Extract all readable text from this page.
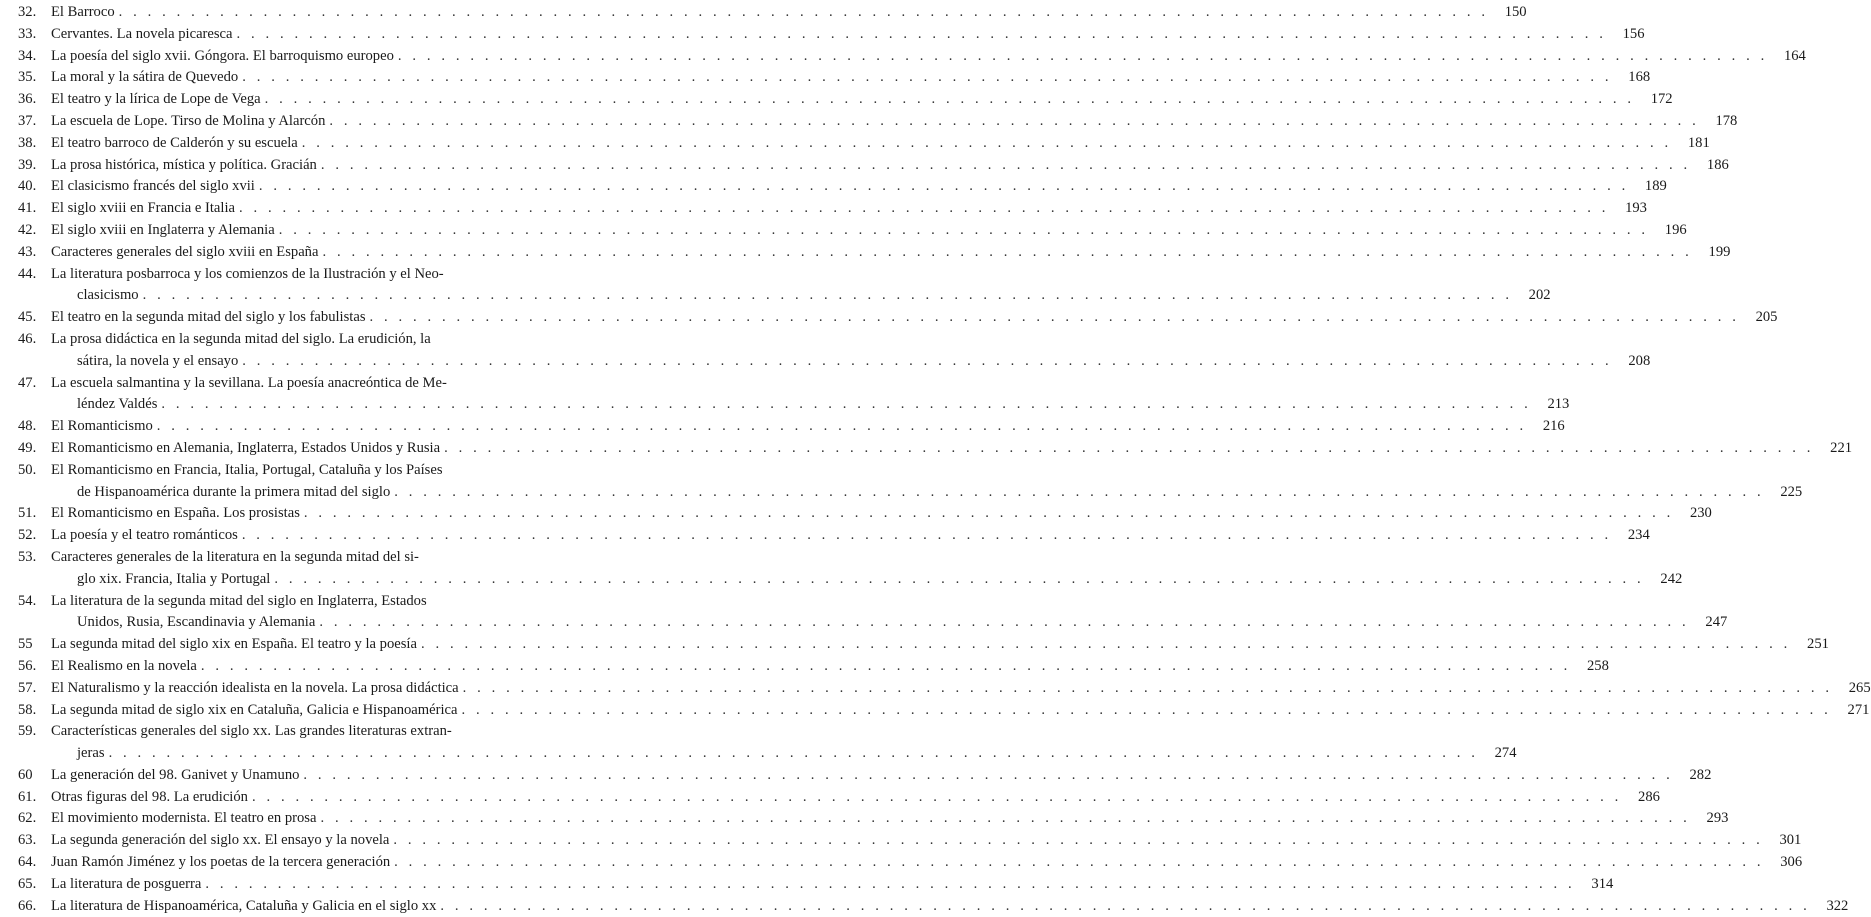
32.	El Barroco . . . . . . . . . . . . . . . . . . . . . . . . . . . . . . . . . . . . . . . . . . . . . . . . . . . . . . . . . . . . . . . . . . . . . . . . . . . . . . . . . . . . . . . . . . . . . . .	150
33.	Cervantes. La novela picaresca . . . . . . . . . . . . . . . . . . . . . . . . . . . . . . . . . . . . . . . . . . . . . . . . . . . . . . . . . . . . . . . . . . . . . . . . . . . . . . . . . . . . . . . . . . . . . . .	156
34.	La poesía del siglo xvii. Góngora. El barroquismo europeo . . . . . . . . . . . . . . . . . . . . . . . . . . . . . . . . . . . . . . . . . . . . . . . . . . . . . . . . . . . . . . . . . . . . . . . . . . . . . . . . . . . . . . . . . . . . . . .	164
35.	La moral y la sátira de Quevedo . . . . . . . . . . . . . . . . . . . . . . . . . . . . . . . . . . . . . . . . . . . . . . . . . . . . . . . . . . . . . . . . . . . . . . . . . . . . . . . . . . . . . . . . . . . . . . .	168
36.	El teatro y la lírica de Lope de Vega . . . . . . . . . . . . . . . . . . . . . . . . . . . . . . . . . . . . . . . . . . . . . . . . . . . . . . . . . . . . . . . . . . . . . . . . . . . . . . . . . . . . . . . . . . . . . . .	172
37.	La escuela de Lope. Tirso de Molina y Alarcón . . . . . . . . . . . . . . . . . . . . . . . . . . . . . . . . . . . . . . . . . . . . . . . . . . . . . . . . . . . . . . . . . . . . . . . . . . . . . . . . . . . . . . . . . . . . . . .	178
38.	El teatro barroco de Calderón y su escuela . . . . . . . . . . . . . . . . . . . . . . . . . . . . . . . . . . . . . . . . . . . . . . . . . . . . . . . . . . . . . . . . . . . . . . . . . . . . . . . . . . . . . . . . . . . . . . .	181
39.	La prosa histórica, mística y política. Gracián . . . . . . . . . . . . . . . . . . . . . . . . . . . . . . . . . . . . . . . . . . . . . . . . . . . . . . . . . . . . . . . . . . . . . . . . . . . . . . . . . . . . . . . . . . . . . . .	186
40.	El clasicismo francés del siglo xvii . . . . . . . . . . . . . . . . . . . . . . . . . . . . . . . . . . . . . . . . . . . . . . . . . . . . . . . . . . . . . . . . . . . . . . . . . . . . . . . . . . . . . . . . . . . . . . .	189
41.	El siglo xviii en Francia e Italia . . . . . . . . . . . . . . . . . . . . . . . . . . . . . . . . . . . . . . . . . . . . . . . . . . . . . . . . . . . . . . . . . . . . . . . . . . . . . . . . . . . . . . . . . . . . . . .	193
42.	El siglo xviii en Inglaterra y Alemania . . . . . . . . . . . . . . . . . . . . . . . . . . . . . . . . . . . . . . . . . . . . . . . . . . . . . . . . . . . . . . . . . . . . . . . . . . . . . . . . . . . . . . . . . . . . . . .	196
43.	Caracteres generales del siglo xviii en España . . . . . . . . . . . . . . . . . . . . . . . . . . . . . . . . . . . . . . . . . . . . . . . . . . . . . . . . . . . . . . . . . . . . . . . . . . . . . . . . . . . . . . . . . . . . . . .	199
44.	La literatura posbarroca y los comienzos de la Ilustración y el Neo-
clasicismo . . . . . . . . . . . . . . . . . . . . . . . . . . . . . . . . . . . . . . . . . . . . . . . . . . . . . . . . . . . . . . . . . . . . . . . . . . . . . . . . . . . . . . . . . . . . . . .	202
45.	El teatro en la segunda mitad del siglo y los fabulistas . . . . . . . . . . . . . . . . . . . . . . . . . . . . . . . . . . . . . . . . . . . . . . . . . . . . . . . . . . . . . . . . . . . . . . . . . . . . . . . . . . . . . . . . . . . . . . .	205
46.	La prosa didáctica en la segunda mitad del siglo. La erudición, la
sátira, la novela y el ensayo . . . . . . . . . . . . . . . . . . . . . . . . . . . . . . . . . . . . . . . . . . . . . . . . . . . . . . . . . . . . . . . . . . . . . . . . . . . . . . . . . . . . . . . . . . . . . . .	208
47.	La escuela salmantina y la sevillana. La poesía anacreóntica de Me-
léndez Valdés . . . . . . . . . . . . . . . . . . . . . . . . . . . . . . . . . . . . . . . . . . . . . . . . . . . . . . . . . . . . . . . . . . . . . . . . . . . . . . . . . . . . . . . . . . . . . . .	213
48.	El Romanticismo . . . . . . . . . . . . . . . . . . . . . . . . . . . . . . . . . . . . . . . . . . . . . . . . . . . . . . . . . . . . . . . . . . . . . . . . . . . . . . . . . . . . . . . . . . . . . . .	216
49.	El Romanticismo en Alemania, Inglaterra, Estados Unidos y Rusia . . . . . . . . . . . . . . . . . . . . . . . . . . . . . . . . . . . . . . . . . . . . . . . . . . . . . . . . . . . . . . . . . . . . . . . . . . . . . . . . . . . . . . . . . . . . . . .	221
50.	El Romanticismo en Francia, Italia, Portugal, Cataluña y los Países
de Hispanoamérica durante la primera mitad del siglo . . . . . . . . . . . . . . . . . . . . . . . . . . . . . . . . . . . . . . . . . . . . . . . . . . . . . . . . . . . . . . . . . . . . . . . . . . . . . . . . . . . . . . . . . . . . . . .	225
51.	El Romanticismo en España. Los prosistas . . . . . . . . . . . . . . . . . . . . . . . . . . . . . . . . . . . . . . . . . . . . . . . . . . . . . . . . . . . . . . . . . . . . . . . . . . . . . . . . . . . . . . . . . . . . . . .	230
52.	La poesía y el teatro románticos . . . . . . . . . . . . . . . . . . . . . . . . . . . . . . . . . . . . . . . . . . . . . . . . . . . . . . . . . . . . . . . . . . . . . . . . . . . . . . . . . . . . . . . . . . . . . . .	234
53.	Caracteres generales de la literatura en la segunda mitad del si-
glo xix. Francia, Italia y Portugal . . . . . . . . . . . . . . . . . . . . . . . . . . . . . . . . . . . . . . . . . . . . . . . . . . . . . . . . . . . . . . . . . . . . . . . . . . . . . . . . . . . . . . . . . . . . . . .	242
54.	La literatura de la segunda mitad del siglo en Inglaterra, Estados
Unidos, Rusia, Escandinavia y Alemania . . . . . . . . . . . . . . . . . . . . . . . . . . . . . . . . . . . . . . . . . . . . . . . . . . . . . . . . . . . . . . . . . . . . . . . . . . . . . . . . . . . . . . . . . . . . . . .	247
55	La segunda mitad del siglo xix en España. El teatro y la poesía . . . . . . . . . . . . . . . . . . . . . . . . . . . . . . . . . . . . . . . . . . . . . . . . . . . . . . . . . . . . . . . . . . . . . . . . . . . . . . . . . . . . . . . . . . . . . . .	251
56.	El Realismo en la novela . . . . . . . . . . . . . . . . . . . . . . . . . . . . . . . . . . . . . . . . . . . . . . . . . . . . . . . . . . . . . . . . . . . . . . . . . . . . . . . . . . . . . . . . . . . . . . .	258
57.	El Naturalismo y la reacción idealista en la novela. La prosa didáctica . . . . . . . . . . . . . . . . . . . . . . . . . . . . . . . . . . . . . . . . . . . . . . . . . . . . . . . . . . . . . . . . . . . . . . . . . . . . . . . . . . . . . . . . . . . . . . .	265
58.	La segunda mitad de siglo xix en Cataluña, Galicia e Hispanoamérica . . . . . . . . . . . . . . . . . . . . . . . . . . . . . . . . . . . . . . . . . . . . . . . . . . . . . . . . . . . . . . . . . . . . . . . . . . . . . . . . . . . . . . . . . . . . . . .	271
59.	Características generales del siglo xx. Las grandes literaturas extran-
jeras . . . . . . . . . . . . . . . . . . . . . . . . . . . . . . . . . . . . . . . . . . . . . . . . . . . . . . . . . . . . . . . . . . . . . . . . . . . . . . . . . . . . . . . . . . . . . . .	274
60	La generación del 98. Ganivet y Unamuno . . . . . . . . . . . . . . . . . . . . . . . . . . . . . . . . . . . . . . . . . . . . . . . . . . . . . . . . . . . . . . . . . . . . . . . . . . . . . . . . . . . . . . . . . . . . . . .	282
61.	Otras figuras del 98. La erudición . . . . . . . . . . . . . . . . . . . . . . . . . . . . . . . . . . . . . . . . . . . . . . . . . . . . . . . . . . . . . . . . . . . . . . . . . . . . . . . . . . . . . . . . . . . . . . .	286
62.	El movimiento modernista. El teatro en prosa . . . . . . . . . . . . . . . . . . . . . . . . . . . . . . . . . . . . . . . . . . . . . . . . . . . . . . . . . . . . . . . . . . . . . . . . . . . . . . . . . . . . . . . . . . . . . . .	293
63.	La segunda generación del siglo xx. El ensayo y la novela . . . . . . . . . . . . . . . . . . . . . . . . . . . . . . . . . . . . . . . . . . . . . . . . . . . . . . . . . . . . . . . . . . . . . . . . . . . . . . . . . . . . . . . . . . . . . . .	301
64.	Juan Ramón Jiménez y los poetas de la tercera generación . . . . . . . . . . . . . . . . . . . . . . . . . . . . . . . . . . . . . . . . . . . . . . . . . . . . . . . . . . . . . . . . . . . . . . . . . . . . . . . . . . . . . . . . . . . . . . .	306
65.	La literatura de posguerra . . . . . . . . . . . . . . . . . . . . . . . . . . . . . . . . . . . . . . . . . . . . . . . . . . . . . . . . . . . . . . . . . . . . . . . . . . . . . . . . . . . . . . . . . . . . . . .	314
66.	La literatura de Hispanoamérica, Cataluña y Galicia en el siglo xx . . . . . . . . . . . . . . . . . . . . . . . . . . . . . . . . . . . . . . . . . . . . . . . . . . . . . . . . . . . . . . . . . . . . . . . . . . . . . . . . . . . . . . . . . . . . . . .	322
